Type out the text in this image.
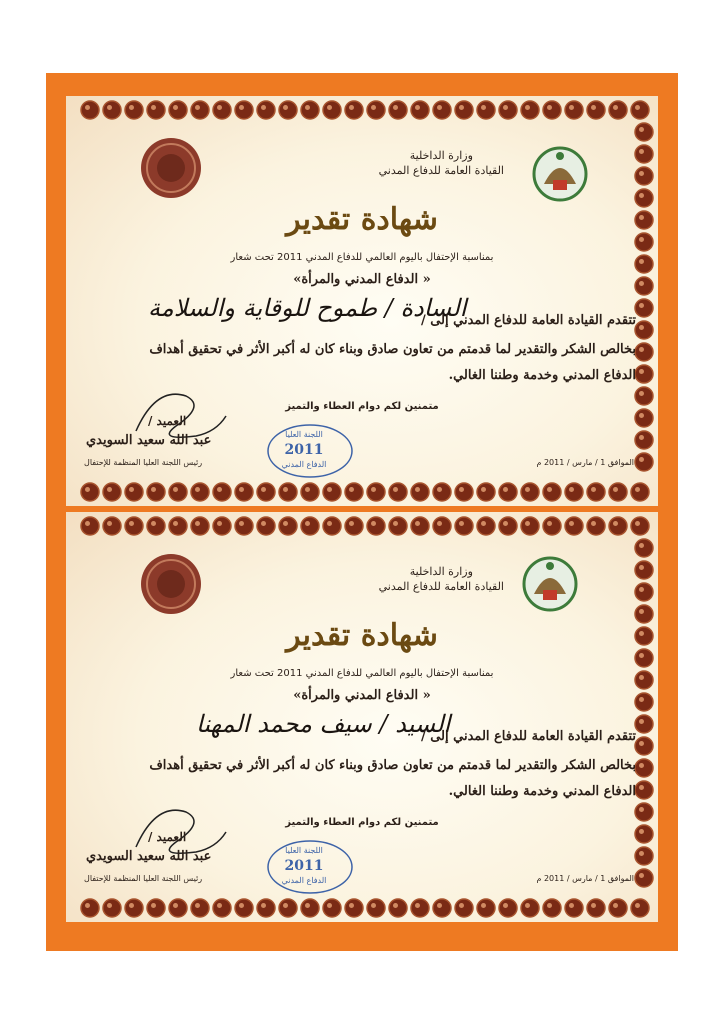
وزارة الداخلية
القيادة العامة للدفاع المدني
شهادة تقدير
بمناسبة الإحتفال باليوم العالمي للدفاع المدني 2011 تحت شعار
« الدفاع المدني والمرأة»
السادة / طموح للوقاية والسلامة
تتقدم القيادة العامة للدفاع المدني إلى /
بخالص الشكر والتقدير لما قدمتم من تعاون صادق وبناء كان له أكبر الأثر في تحقيق أهداف
الدفاع المدني وخدمة وطننا الغالي.
متمنين لكم دوام العطاء والتميز
العميد /
عبد الله سعيد السويدي
رئيس اللجنة العليا المنظمة للإحتفال	الموافق 1 / مارس / 2011 م
اللجنة العليا
2011
الدفاع المدني
وزارة الداخلية
القيادة العامة للدفاع المدني
شهادة تقدير
بمناسبة الإحتفال باليوم العالمي للدفاع المدني 2011 تحت شعار
« الدفاع المدني والمرأة»
السيد / سيف محمد المهنا
تتقدم القيادة العامة للدفاع المدني إلى /
بخالص الشكر والتقدير لما قدمتم من تعاون صادق وبناء كان له أكبر الأثر في تحقيق أهداف
الدفاع المدني وخدمة وطننا الغالي.
متمنين لكم دوام العطاء والتميز
العميد /
عبد الله سعيد السويدي
رئيس اللجنة العليا المنظمة للإحتفال	الموافق 1 / مارس / 2011 م
اللجنة العليا
2011
الدفاع المدني
